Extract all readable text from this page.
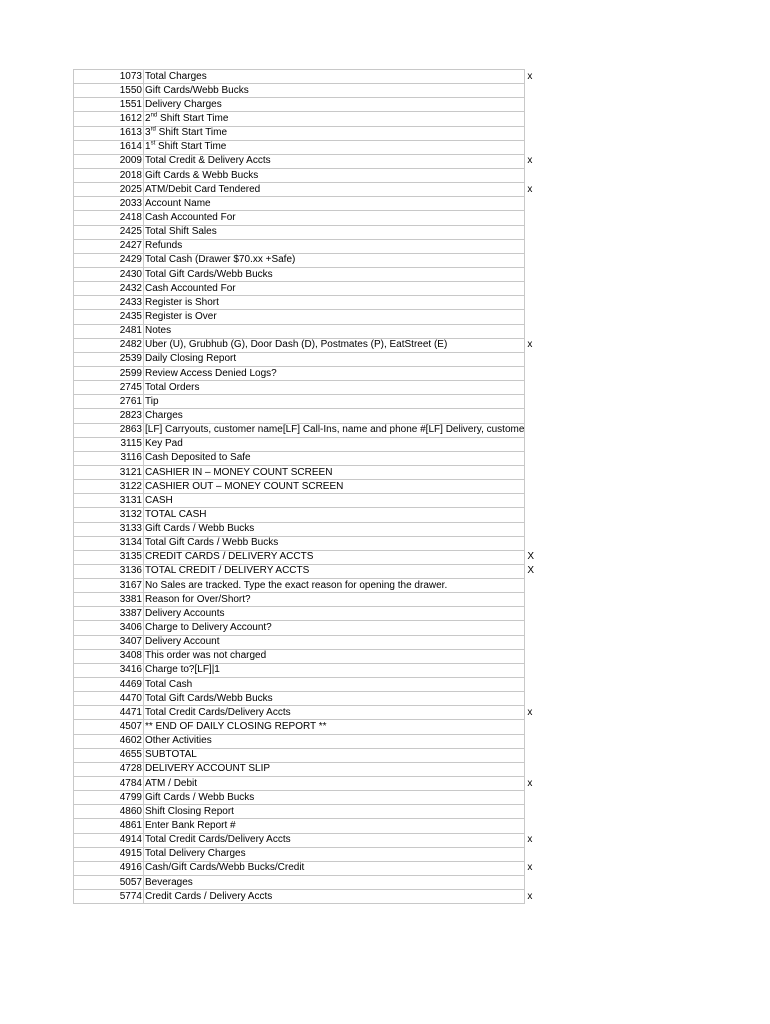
1073	Total Charges	x
1550	Gift Cards/Webb Bucks	
1551	Delivery Charges	
1612	2nd Shift Start Time	
1613	3rd Shift Start Time	
1614	1st Shift Start Time	
2009	Total Credit & Delivery Accts	x
2018	Gift Cards & Webb Bucks	
2025	ATM/Debit Card Tendered	x
2033	Account Name	
2418	Cash Accounted For	
2425	Total Shift Sales	
2427	Refunds	
2429	Total Cash (Drawer $70.xx +Safe)	
2430	Total Gift Cards/Webb Bucks	
2432	Cash Accounted For	
2433	Register is Short	
2435	Register is Over	
2481	Notes	
2482	Uber (U), Grubhub (G), Door Dash (D), Postmates (P), EatStreet (E)	x
2539	Daily Closing Report	
2599	Review Access Denied Logs?	
2745	Total Orders	
2761	Tip	
2823	Charges	
2863	[LF] Carryouts, customer name[LF] Call-Ins, name and phone #[LF] Delivery, custome	
3115	Key Pad	
3116	Cash Deposited to Safe	
3121	CASHIER IN – MONEY COUNT SCREEN	
3122	CASHIER OUT – MONEY COUNT SCREEN	
3131	CASH	
3132	TOTAL CASH	
3133	Gift Cards / Webb Bucks	
3134	Total Gift Cards / Webb Bucks	
3135	CREDIT CARDS / DELIVERY ACCTS	X
3136	TOTAL CREDIT / DELIVERY ACCTS	X
3167	No Sales are tracked. Type the exact reason for opening the drawer.	
3381	Reason for Over/Short?	
3387	Delivery Accounts	
3406	Charge to Delivery Account?	
3407	Delivery Account	
3408	This order was not charged	
3416	Charge to?[LF]|1	
4469	Total Cash	
4470	Total Gift Cards/Webb Bucks	
4471	Total Credit Cards/Delivery Accts	x
4507	** END OF DAILY CLOSING REPORT **	
4602	Other Activities	
4655	SUBTOTAL	
4728	DELIVERY ACCOUNT SLIP	
4784	ATM / Debit	x
4799	Gift Cards / Webb Bucks	
4860	Shift Closing Report	
4861	Enter Bank Report #	
4914	Total Credit Cards/Delivery Accts	x
4915	Total Delivery Charges	
4916	Cash/Gift Cards/Webb Bucks/Credit	x
5057	Beverages	
5774	Credit Cards / Delivery Accts	x
